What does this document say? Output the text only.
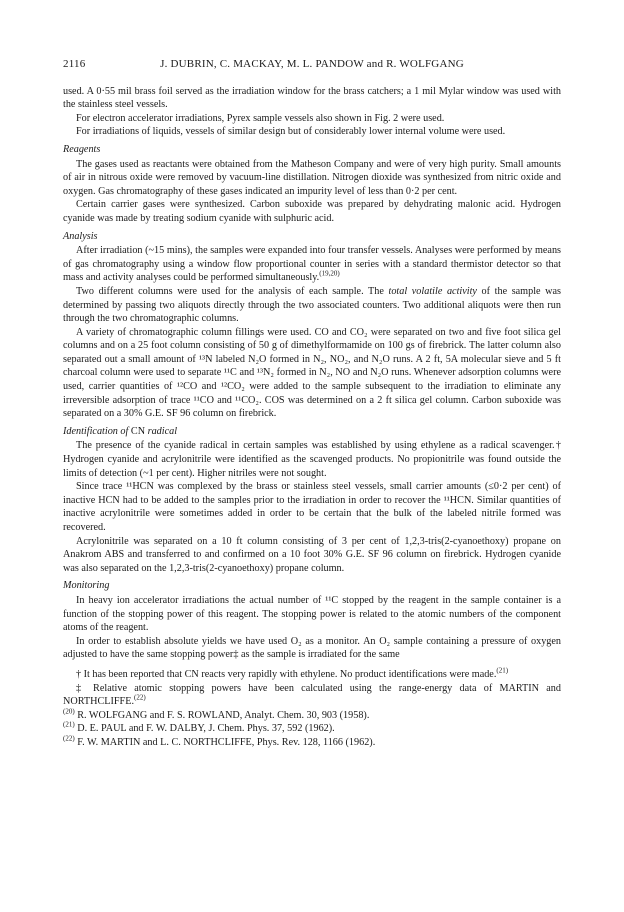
2116	J. DUBRIN, C. MACKAY, M. L. PANDOW and R. WOLFGANG

used. A 0·55 mil brass foil served as the irradiation window for the brass catchers; a 1 mil Mylar window was used with the stainless steel vessels.

For electron accelerator irradiations, Pyrex sample vessels also shown in Fig. 2 were used.

For irradiations of liquids, vessels of similar design but of considerably lower internal volume were used.

Reagents

The gases used as reactants were obtained from the Matheson Company and were of very high purity. Small amounts of air in nitrous oxide were removed by vacuum-line distillation. Nitrogen dioxide was synthesized from nitric oxide and oxygen. Gas chromatography of these gases indicated an impurity level of less than 0·2 per cent.

Certain carrier gases were synthesized. Carbon suboxide was prepared by dehydrating malonic acid. Hydrogen cyanide was made by treating sodium cyanide with sulphuric acid.

Analysis

After irradiation (~15 mins), the samples were expanded into four transfer vessels. Analyses were performed by means of gas chromatography using a window flow proportional counter in series with a standard thermistor detector so that mass and activity analyses could be performed simultaneously.$^{(19,20)}$

Two different columns were used for the analysis of each sample. The total volatile activity of the sample was determined by passing two aliquots directly through the two associated counters. Two additional aliquots were then run through the two chromatographic columns.

A variety of chromatographic column fillings were used. CO and CO₂ were separated on two and five foot silica gel columns and on a 25 foot column consisting of 50 g of dimethylformamide on 100 gs of firebrick. The latter column also separated out a small amount of ¹³N labeled N₂O formed in N₂, NO₂, and N₂O runs. A 2 ft, 5A molecular sieve and 5 ft charcoal column were used to separate ¹¹C and ¹³N₂ formed in N₂, NO and N₂O runs. Whenever adsorption columns were used, carrier quantities of ¹²CO and ¹²CO₂ were added to the sample subsequent to the irradiation to eliminate any irreversible adsorption of trace ¹¹CO and ¹¹CO₂. COS was determined on a 2 ft silica gel column. Carbon suboxide was separated on a 30% G.E. SF 96 column on firebrick.

Identification of CN radical

The presence of the cyanide radical in certain samples was established by using ethylene as a radical scavenger.† Hydrogen cyanide and acrylonitrile were identified as the scavenged products. No propionitrile was found outside the limits of detection (~1 per cent). Higher nitriles were not sought.

Since trace ¹¹HCN was complexed by the brass or stainless steel vessels, small carrier amounts (≤0·2 per cent) of inactive HCN had to be added to the samples prior to the irradiation in order to recover the ¹¹HCN. Similar quantities of inactive acrylonitrile were sometimes added in order to be certain that the bulk of the labeled nitrile formed was recovered.

Acrylonitrile was separated on a 10 ft column consisting of 3 per cent of 1,2,3-tris(2-cyanoethoxy) propane on Anakrom ABS and transferred to and confirmed on a 10 foot 30% G.E. SF 96 column on firebrick. Hydrogen cyanide was also separated on the 1,2,3-tris(2-cyanoethoxy) propane column.

Monitoring

In heavy ion accelerator irradiations the actual number of ¹¹C stopped by the reagent in the sample container is a function of the stopping power of this reagent. The stopping power is related to the atomic numbers of the component atoms of the reagent.

In order to establish absolute yields we have used O₂ as a monitor. An O₂ sample containing a pressure of oxygen adjusted to have the same stopping power‡ as the sample is irradiated for the same

† It has been reported that CN reacts very rapidly with ethylene. No product identifications were made.$^{(21)}$

‡ Relative atomic stopping powers have been calculated using the range-energy data of MARTIN and NORTHCLIFFE.$^{(22)}$

$^{(20)}$ R. WOLFGANG and F. S. ROWLAND, Analyt. Chem. 30, 903 (1958).

$^{(21)}$ D. E. PAUL and F. W. DALBY, J. Chem. Phys. 37, 592 (1962).

$^{(22)}$ F. W. MARTIN and L. C. NORTHCLIFFE, Phys. Rev. 128, 1166 (1962).
